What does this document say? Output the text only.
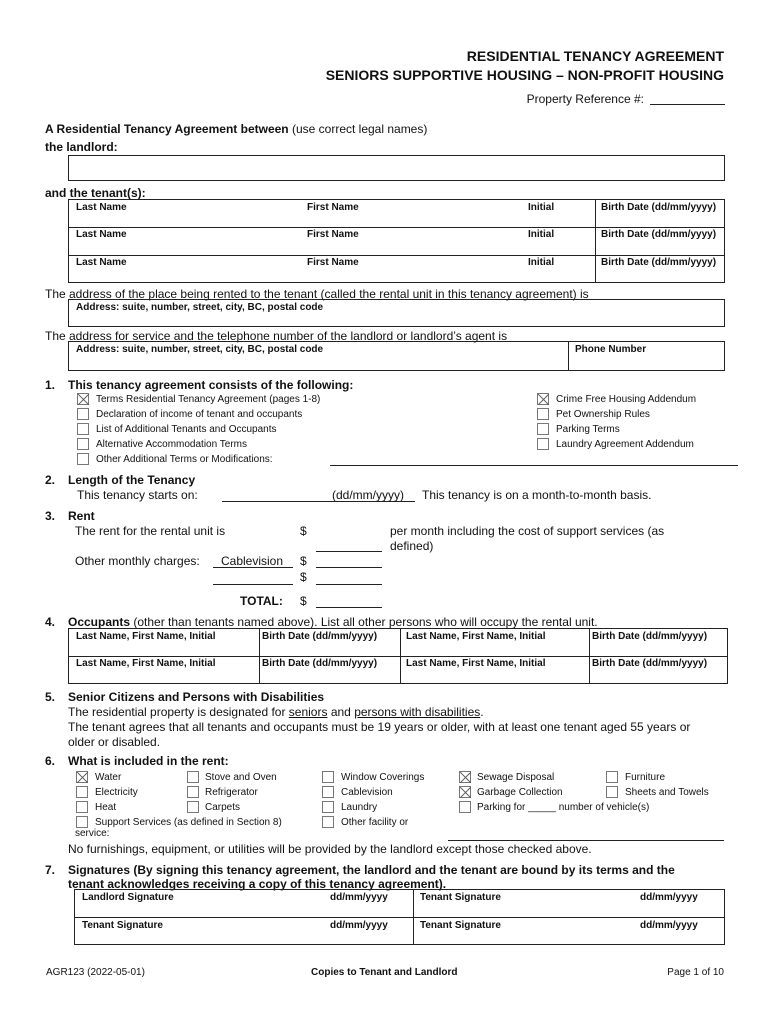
RESIDENTIAL TENANCY AGREEMENT
SENIORS SUPPORTIVE HOUSING – NON-PROFIT HOUSING
Property Reference #:
A Residential Tenancy Agreement between (use correct legal names)
the landlord:
and the tenant(s):
Last Name	First Name	Initial	Birth Date (dd/mm/yyyy)
Last Name	First Name	Initial	Birth Date (dd/mm/yyyy)
Last Name	First Name	Initial	Birth Date (dd/mm/yyyy)
The address of the place being rented to the tenant (called the rental unit in this tenancy agreement) is
Address: suite, number, street, city, BC, postal code
The address for service and the telephone number of the landlord or landlord’s agent is
Address: suite, number, street, city, BC, postal code	Phone Number
1. This tenancy agreement consists of the following:
Terms Residential Tenancy Agreement (pages 1-8)
Declaration of income of tenant and occupants
List of Additional Tenants and Occupants
Alternative Accommodation Terms
Other Additional Terms or Modifications:
Crime Free Housing Addendum
Pet Ownership Rules
Parking Terms
Laundry Agreement Addendum
2. Length of the Tenancy
This tenancy starts on:	(dd/mm/yyyy) This tenancy is on a month-to-month basis.
3. Rent
The rent for the rental unit is	$	per month including the cost of support services (as
defined)
Other monthly charges: Cablevision $
$
TOTAL: $
4. Occupants (other than tenants named above). List all other persons who will occupy the rental unit.
Last Name, First Name, Initial	Birth Date (dd/mm/yyyy)	Last Name, First Name, Initial	Birth Date (dd/mm/yyyy)
Last Name, First Name, Initial	Birth Date (dd/mm/yyyy)	Last Name, First Name, Initial	Birth Date (dd/mm/yyyy)
5. Senior Citizens and Persons with Disabilities
The residential property is designated for seniors and persons with disabilities.
The tenant agrees that all tenants and occupants must be 19 years or older, with at least one tenant aged 55 years or
older or disabled.
6. What is included in the rent:
Water
Electricity
Heat
Support Services (as defined in Section 8)
service:
Stove and Oven
Refrigerator
Carpets
Window Coverings
Cablevision
Laundry
Other facility or
Sewage Disposal
Garbage Collection
Parking for _____ number of vehicle(s)
Furniture
Sheets and Towels
No furnishings, equipment, or utilities will be provided by the landlord except those checked above.
7. Signatures (By signing this tenancy agreement, the landlord and the tenant are bound by its terms and the
tenant acknowledges receiving a copy of this tenancy agreement).
Landlord Signature	dd/mm/yyyy	Tenant Signature	dd/mm/yyyy
Tenant Signature	dd/mm/yyyy	Tenant Signature	dd/mm/yyyy
AGR123 (2022-05-01)	Copies to Tenant and Landlord	Page 1 of 10
